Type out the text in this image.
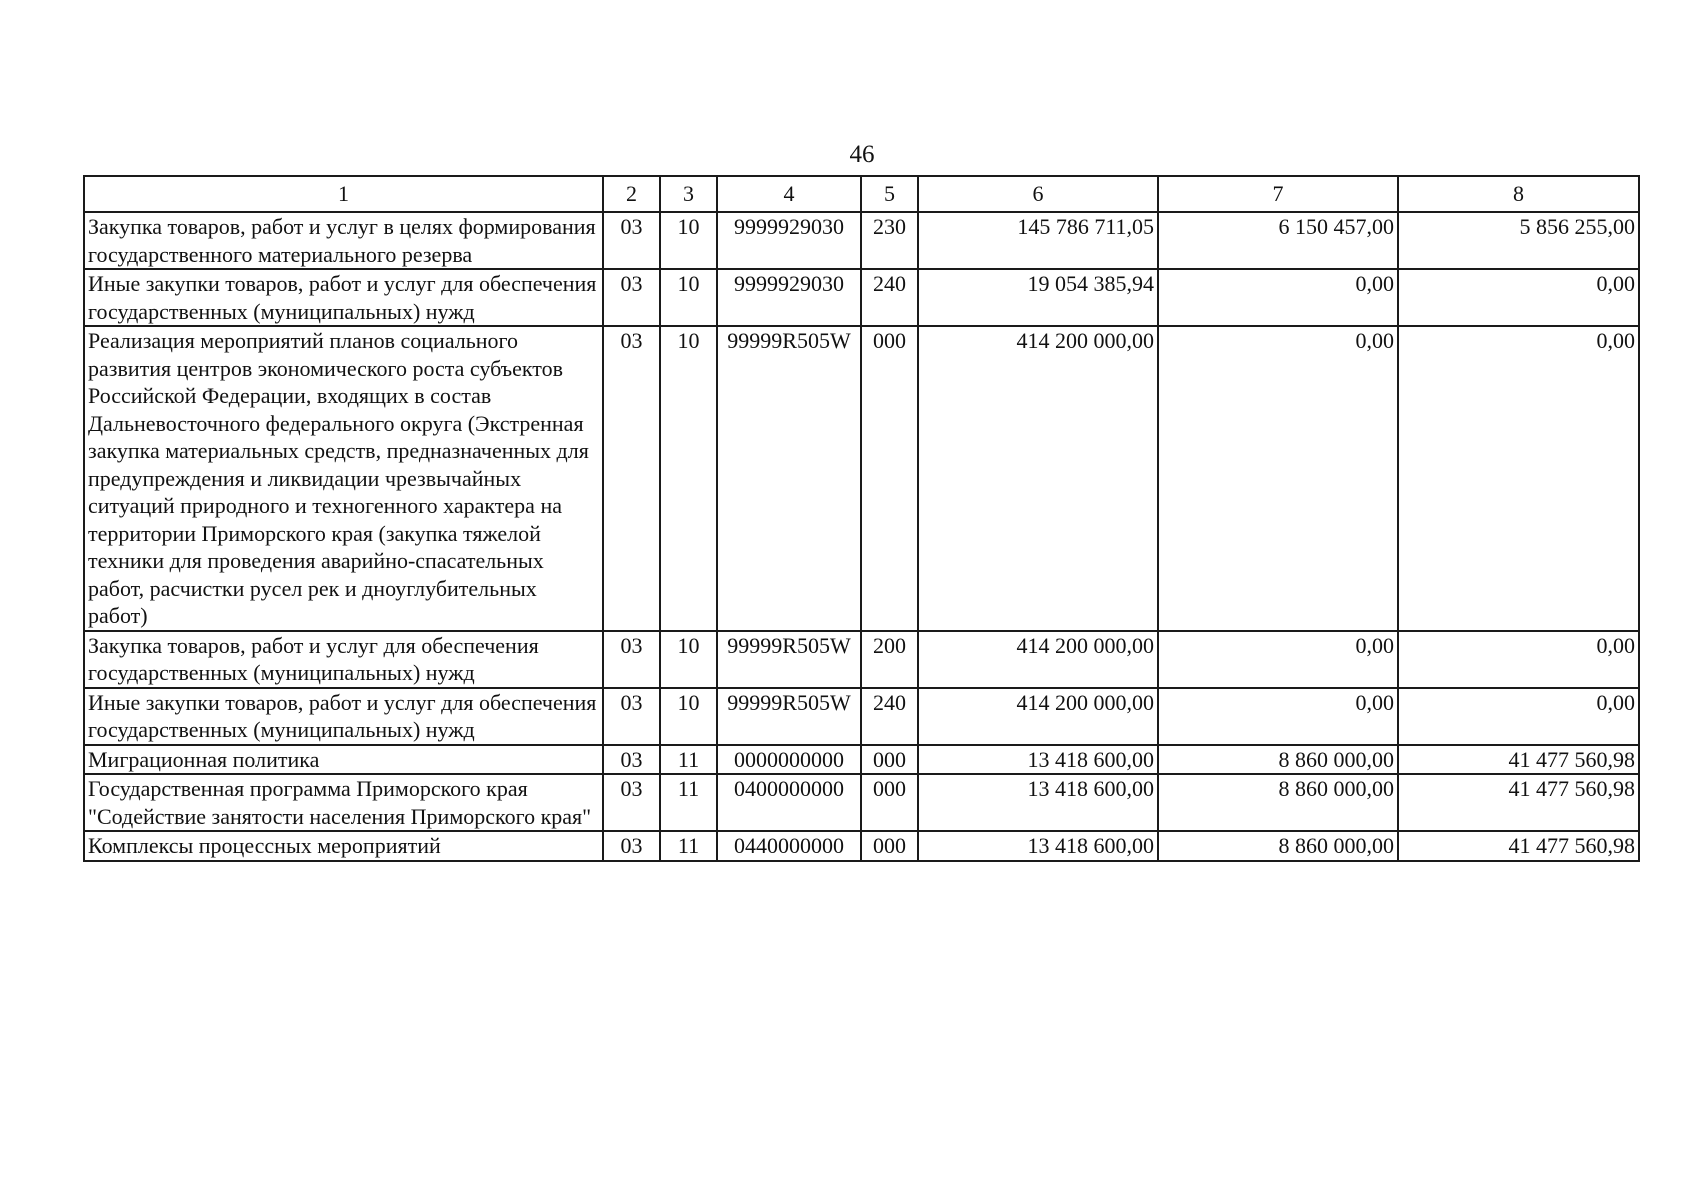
46
1	2	3	4	5	6	7	8
Закупка товаров, работ и услуг в целях формирования государственного материального резерва	03	10	9999929030	230	145 786 711,05	6 150 457,00	5 856 255,00
Иные закупки товаров, работ и услуг для обеспечения государственных (муниципальных) нужд	03	10	9999929030	240	19 054 385,94	0,00	0,00
Реализация мероприятий планов социального развития центров экономического роста субъектов Российской Федерации, входящих в состав Дальневосточного федерального округа (Экстренная закупка материальных средств, предназначенных для предупреждения и ликвидации чрезвычайных ситуаций природного и техногенного характера на территории Приморского края (закупка тяжелой техники для проведения аварийно-спасательных работ, расчистки русел рек и дноуглубительных работ)	03	10	99999R505W	000	414 200 000,00	0,00	0,00
Закупка товаров, работ и услуг для обеспечения государственных (муниципальных) нужд	03	10	99999R505W	200	414 200 000,00	0,00	0,00
Иные закупки товаров, работ и услуг для обеспечения государственных (муниципальных) нужд	03	10	99999R505W	240	414 200 000,00	0,00	0,00
Миграционная политика	03	11	0000000000	000	13 418 600,00	8 860 000,00	41 477 560,98
Государственная программа Приморского края "Содействие занятости населения Приморского края"	03	11	0400000000	000	13 418 600,00	8 860 000,00	41 477 560,98
Комплексы процессных мероприятий	03	11	0440000000	000	13 418 600,00	8 860 000,00	41 477 560,98
